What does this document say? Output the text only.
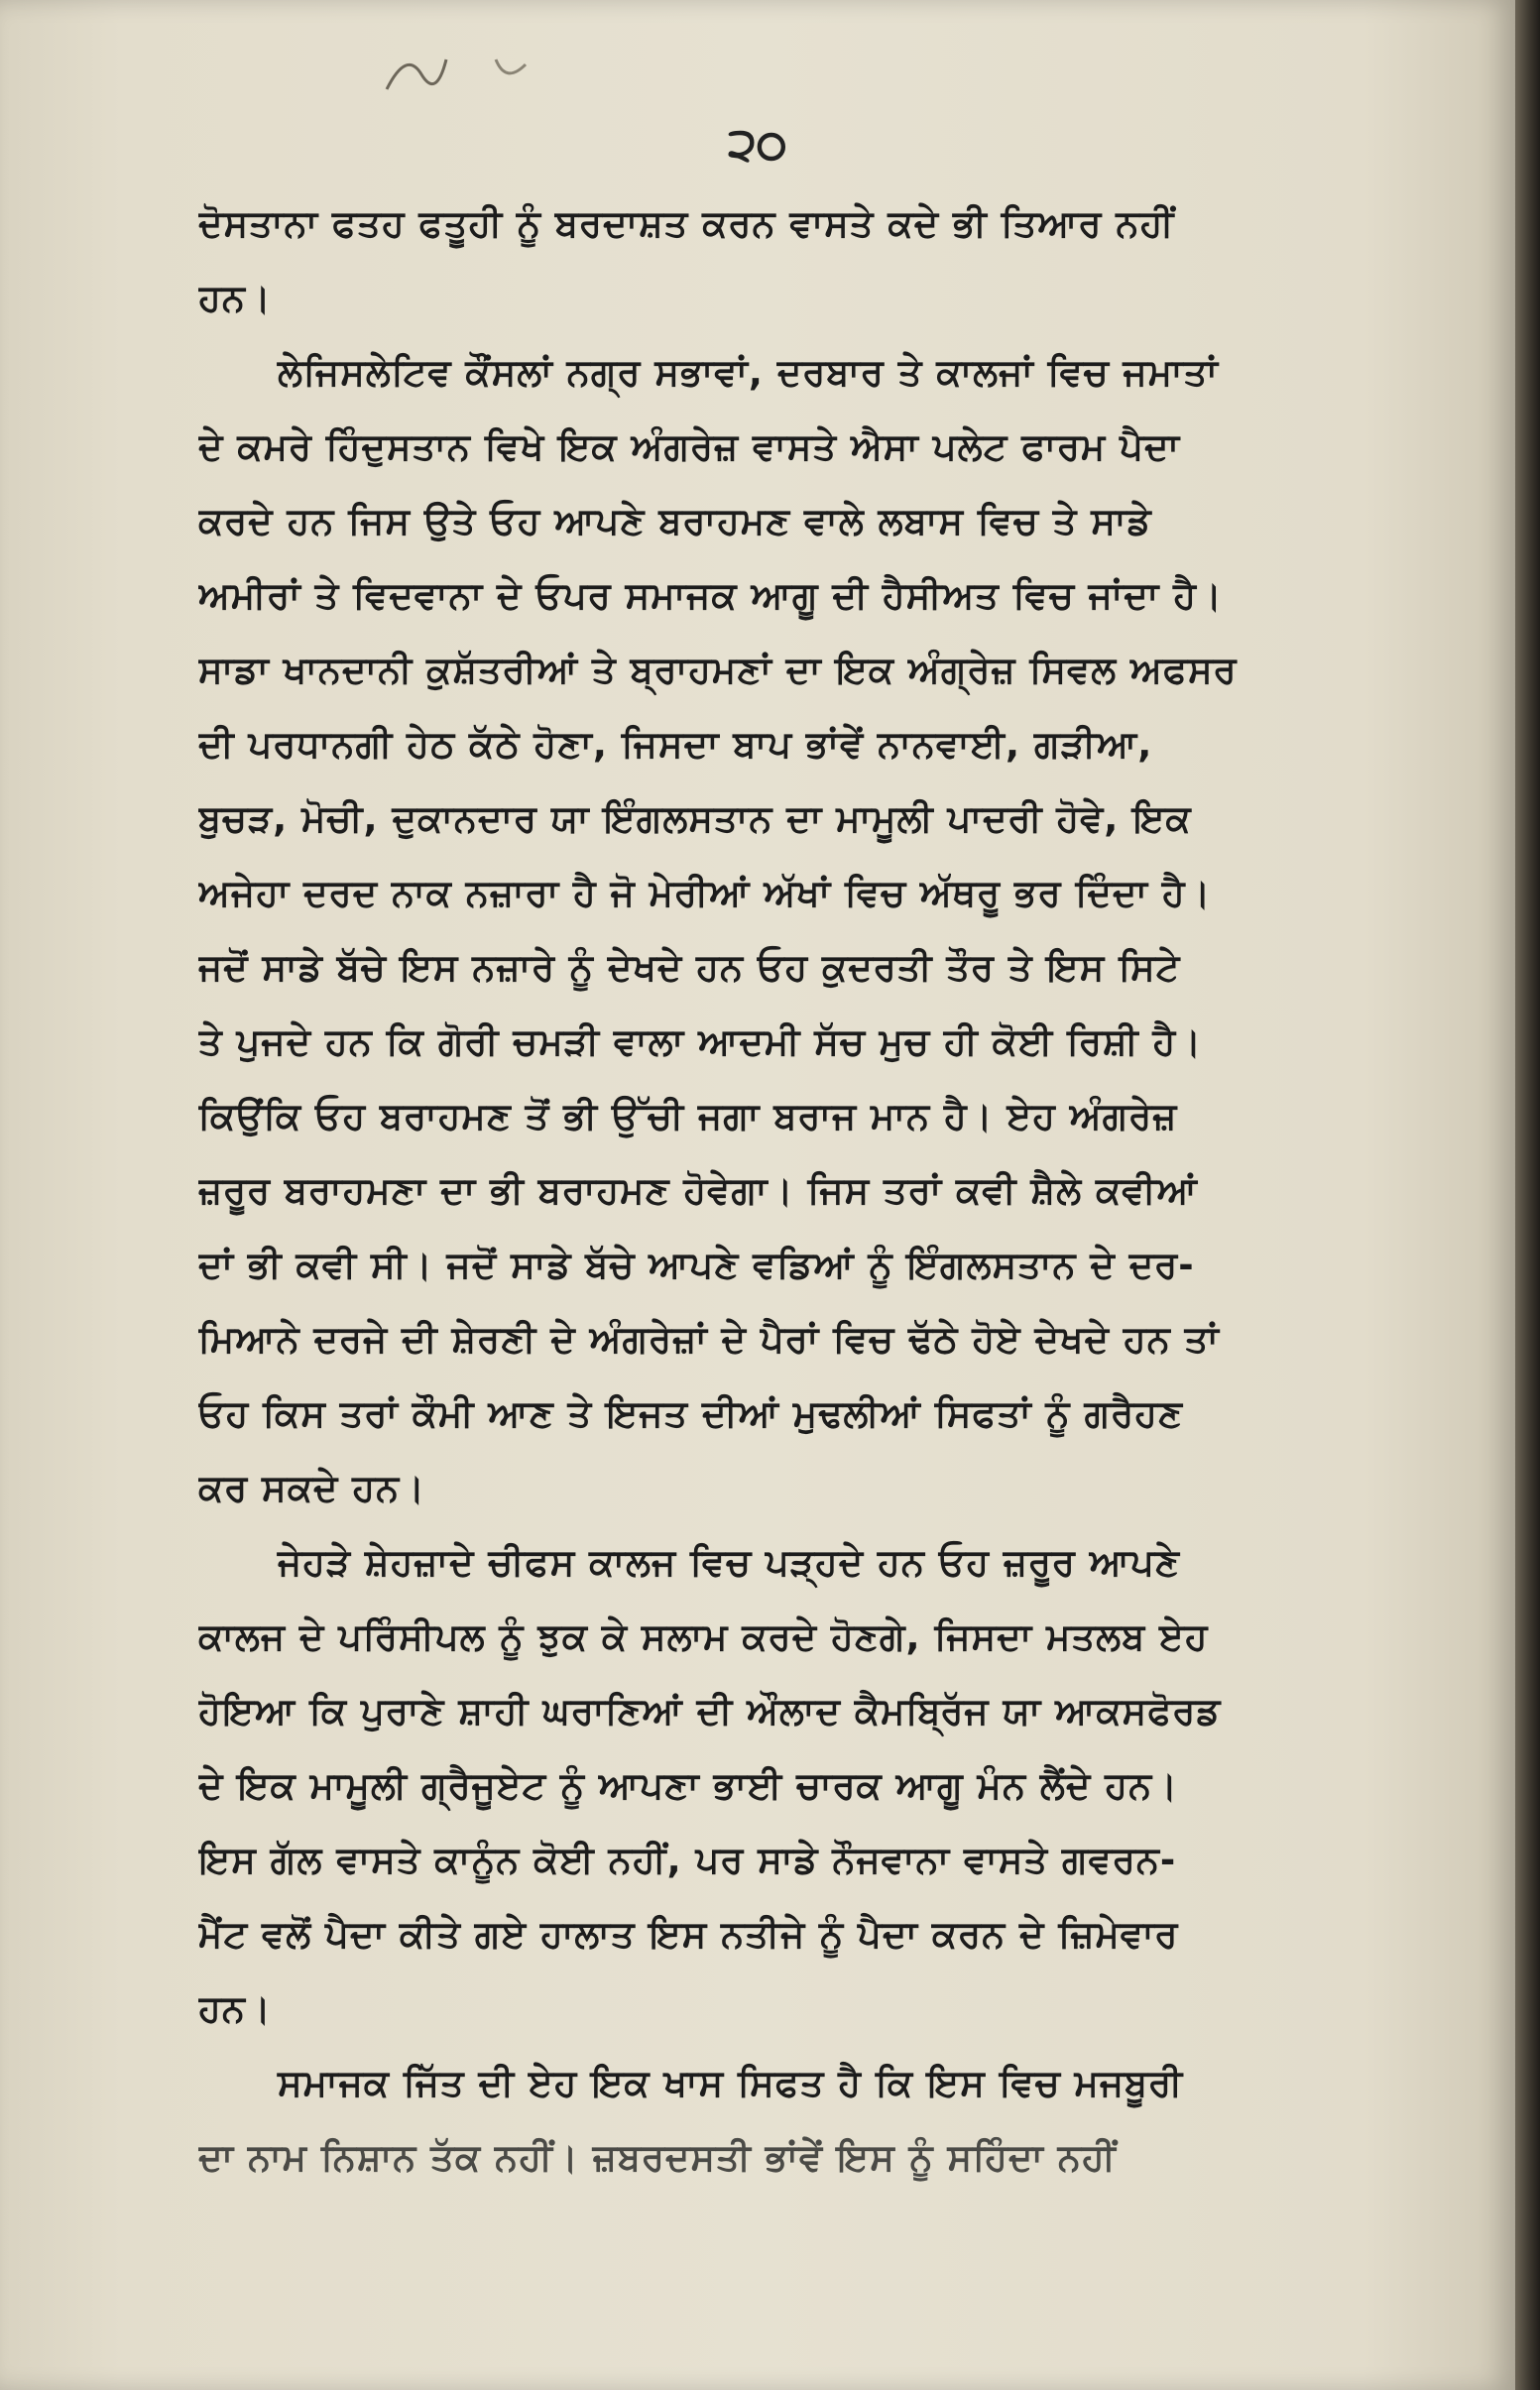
੨੦
ਦੋਸਤਾਨਾ ਫਤਹ ਫਤੂਹੀ ਨੂੰ ਬਰਦਾਸ਼ਤ ਕਰਨ ਵਾਸਤੇ ਕਦੇ ਭੀ ਤਿਆਰ ਨਹੀਂ
ਹਨ।
ਲੇਜਿਸਲੇਟਿਵ ਕੌਂਸਲਾਂ ਨਗ੍ਰ ਸਭਾਵਾਂ, ਦਰਬਾਰ ਤੇ ਕਾਲਜਾਂ ਵਿਚ ਜਮਾਤਾਂ
ਦੇ ਕਮਰੇ ਹਿੰਦੁਸਤਾਨ ਵਿਖੇ ਇਕ ਅੰਗਰੇਜ਼ ਵਾਸਤੇ ਐਸਾ ਪਲੇਟ ਫਾਰਮ ਪੈਦਾ
ਕਰਦੇ ਹਨ ਜਿਸ ਉਤੇ ਓਹ ਆਪਣੇ ਬਰਾਹਮਣ ਵਾਲੇ ਲਬਾਸ ਵਿਚ ਤੇ ਸਾਡੇ
ਅਮੀਰਾਂ ਤੇ ਵਿਦਵਾਨਾ ਦੇ ਓਪਰ ਸਮਾਜਕ ਆਗੂ ਦੀ ਹੈਸੀਅਤ ਵਿਚ ਜਾਂਦਾ ਹੈ।
ਸਾਡਾ ਖਾਨਦਾਨੀ ਕੁਸ਼ੱਤਰੀਆਂ ਤੇ ਬ੍ਰਾਹਮਣਾਂ ਦਾ ਇਕ ਅੰਗ੍ਰੇਜ਼ ਸਿਵਲ ਅਫਸਰ
ਦੀ ਪਰਧਾਨਗੀ ਹੇਠ ਕੱਠੇ ਹੋਣਾ, ਜਿਸਦਾ ਬਾਪ ਭਾਂਵੇਂ ਨਾਨਵਾਈ, ਗੜੀਆ,
ਬੁਚੜ, ਮੋਚੀ, ਦੁਕਾਨਦਾਰ ਯਾ ਇੰਗਲਸਤਾਨ ਦਾ ਮਾਮੂਲੀ ਪਾਦਰੀ ਹੋਵੇ, ਇਕ
ਅਜੇਹਾ ਦਰਦ ਨਾਕ ਨਜ਼ਾਰਾ ਹੈ ਜੋ ਮੇਰੀਆਂ ਅੱਖਾਂ ਵਿਚ ਅੱਥਰੂ ਭਰ ਦਿੰਦਾ ਹੈ।
ਜਦੋਂ ਸਾਡੇ ਬੱਚੇ ਇਸ ਨਜ਼ਾਰੇ ਨੂੰ ਦੇਖਦੇ ਹਨ ਓਹ ਕੁਦਰਤੀ ਤੌਰ ਤੇ ਇਸ ਸਿਟੇ
ਤੇ ਪੁਜਦੇ ਹਨ ਕਿ ਗੋਰੀ ਚਮੜੀ ਵਾਲਾ ਆਦਮੀ ਸੱਚ ਮੁਚ ਹੀ ਕੋਈ ਰਿਸ਼ੀ ਹੈ।
ਕਿਉਂਕਿ ਓਹ ਬਰਾਹਮਣ ਤੋਂ ਭੀ ਉੱਚੀ ਜਗਾ ਬਰਾਜ ਮਾਨ ਹੈ। ਏਹ ਅੰਗਰੇਜ਼
ਜ਼ਰੂਰ ਬਰਾਹਮਣਾ ਦਾ ਭੀ ਬਰਾਹਮਣ ਹੋਵੇਗਾ। ਜਿਸ ਤਰਾਂ ਕਵੀ ਸ਼ੈਲੇ ਕਵੀਆਂ
ਦਾਂ ਭੀ ਕਵੀ ਸੀ। ਜਦੋਂ ਸਾਡੇ ਬੱਚੇ ਆਪਣੇ ਵਡਿਆਂ ਨੂੰ ਇੰਗਲਸਤਾਨ ਦੇ ਦਰ-
ਮਿਆਨੇ ਦਰਜੇ ਦੀ ਸ਼ੇਰਣੀ ਦੇ ਅੰਗਰੇਜ਼ਾਂ ਦੇ ਪੈਰਾਂ ਵਿਚ ਢੱਠੇ ਹੋਏ ਦੇਖਦੇ ਹਨ ਤਾਂ
ਓਹ ਕਿਸ ਤਰਾਂ ਕੌਮੀ ਆਣ ਤੇ ਇਜਤ ਦੀਆਂ ਮੁਢਲੀਆਂ ਸਿਫਤਾਂ ਨੂੰ ਗਰੈਹਣ
ਕਰ ਸਕਦੇ ਹਨ।
ਜੇਹੜੇ ਸ਼ੇਹਜ਼ਾਦੇ ਚੀਫਸ ਕਾਲਜ ਵਿਚ ਪੜ੍ਹਦੇ ਹਨ ਓਹ ਜ਼ਰੂਰ ਆਪਣੇ
ਕਾਲਜ ਦੇ ਪਰਿੰਸੀਪਲ ਨੂੰ ਝੁਕ ਕੇ ਸਲਾਮ ਕਰਦੇ ਹੋਣਗੇ, ਜਿਸਦਾ ਮਤਲਬ ਏਹ
ਹੋਇਆ ਕਿ ਪੁਰਾਣੇ ਸ਼ਾਹੀ ਘਰਾਣਿਆਂ ਦੀ ਔਲਾਦ ਕੈਮਬ੍ਰਿੱਜ ਯਾ ਆਕਸਫੋਰਡ
ਦੇ ਇਕ ਮਾਮੂਲੀ ਗ੍ਰੈਜੂਏਟ ਨੂੰ ਆਪਣਾ ਭਾਈ ਚਾਰਕ ਆਗੂ ਮੰਨ ਲੈਂਦੇ ਹਨ।
ਇਸ ਗੱਲ ਵਾਸਤੇ ਕਾਨੂੰਨ ਕੋਈ ਨਹੀਂ, ਪਰ ਸਾਡੇ ਨੌਜਵਾਨਾ ਵਾਸਤੇ ਗਵਰਨ-
ਮੈਂਟ ਵਲੋਂ ਪੈਦਾ ਕੀਤੇ ਗਏ ਹਾਲਾਤ ਇਸ ਨਤੀਜੇ ਨੂੰ ਪੈਦਾ ਕਰਨ ਦੇ ਜ਼ਿਮੇਵਾਰ
ਹਨ।
ਸਮਾਜਕ ਜਿੱਤ ਦੀ ਏਹ ਇਕ ਖਾਸ ਸਿਫਤ ਹੈ ਕਿ ਇਸ ਵਿਚ ਮਜਬੂਰੀ
ਦਾ ਨਾਮ ਨਿਸ਼ਾਨ ਤੱਕ ਨਹੀਂ। ਜ਼ਬਰਦਸਤੀ ਭਾਂਵੇਂ ਇਸ ਨੂੰ ਸਹਿੰਦਾ ਨਹੀਂ
